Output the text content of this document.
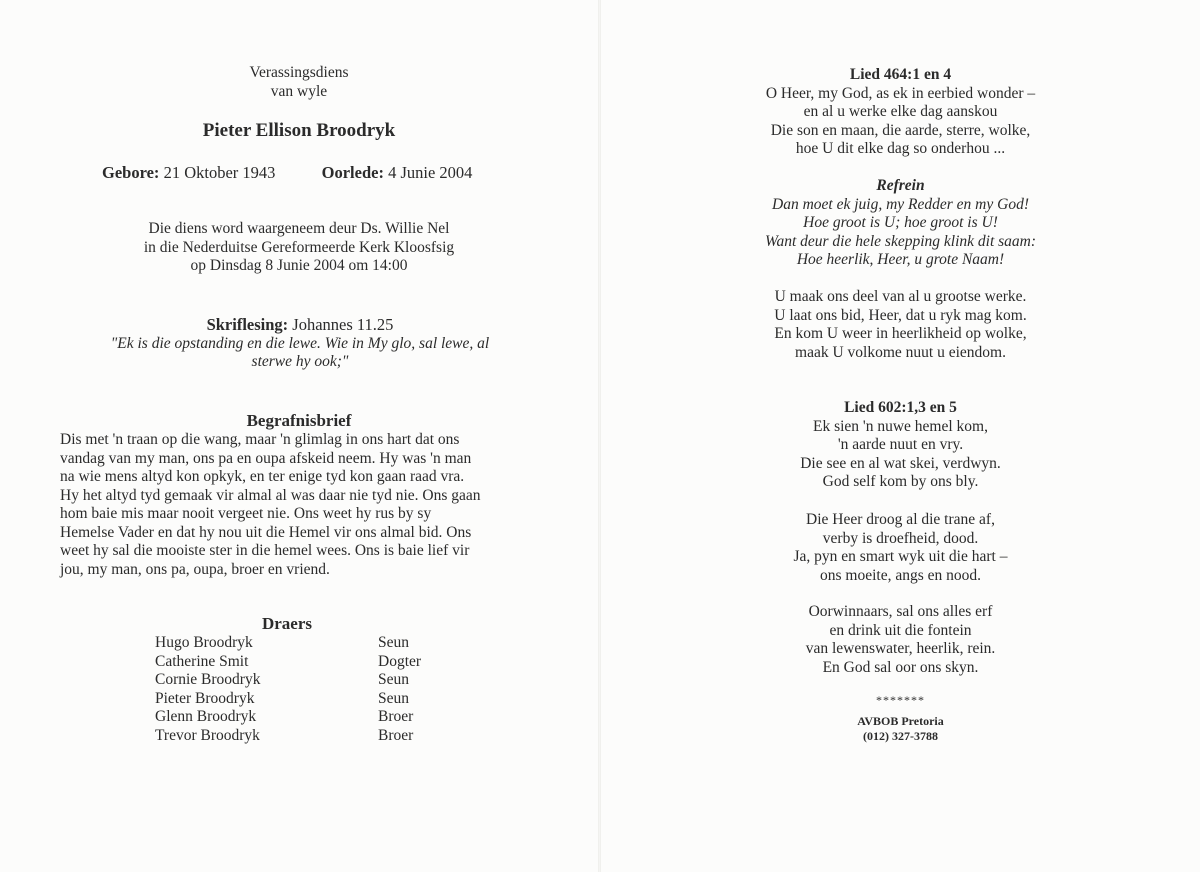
Verassingsdiens
van wyle
Pieter Ellison Broodryk
Gebore: 21 Oktober 1943	Oorlede: 4 Junie 2004
Die diens word waargeneem deur Ds. Willie Nel
in die Nederduitse Gereformeerde Kerk Kloosfsig
op Dinsdag 8 Junie 2004 om 14:00
Skriflesing: Johannes 11.25
"Ek is die opstanding en die lewe. Wie in My glo, sal lewe, al
sterwe hy ook;"
Begrafnisbrief
Dis met 'n traan op die wang, maar 'n glimlag in ons hart dat ons
vandag van my man, ons pa en oupa afskeid neem. Hy was 'n man
na wie mens altyd kon opkyk, en ter enige tyd kon gaan raad vra.
Hy het altyd tyd gemaak vir almal al was daar nie tyd nie. Ons gaan
hom baie mis maar nooit vergeet nie. Ons weet hy rus by sy
Hemelse Vader en dat hy nou uit die Hemel vir ons almal bid. Ons
weet hy sal die mooiste ster in die hemel wees. Ons is baie lief vir
jou, my man, ons pa, oupa, broer en vriend.
Draers
Hugo Broodryk	Seun
Catherine Smit	Dogter
Cornie Broodryk	Seun
Pieter Broodryk	Seun
Glenn Broodryk	Broer
Trevor Broodryk	Broer
Lied 464:1 en 4
O Heer, my God, as ek in eerbied wonder –
en al u werke elke dag aanskou
Die son en maan, die aarde, sterre, wolke,
hoe U dit elke dag so onderhou ...
Refrein
Dan moet ek juig, my Redder en my God!
Hoe groot is U; hoe groot is U!
Want deur die hele skepping klink dit saam:
Hoe heerlik, Heer, u grote Naam!
U maak ons deel van al u grootse werke.
U laat ons bid, Heer, dat u ryk mag kom.
En kom U weer in heerlikheid op wolke,
maak U volkome nuut u eiendom.
Lied 602:1,3 en 5
Ek sien 'n nuwe hemel kom,
'n aarde nuut en vry.
Die see en al wat skei, verdwyn.
God self kom by ons bly.
Die Heer droog al die trane af,
verby is droefheid, dood.
Ja, pyn en smart wyk uit die hart –
ons moeite, angs en nood.
Oorwinnaars, sal ons alles erf
en drink uit die fontein
van lewenswater, heerlik, rein.
En God sal oor ons skyn.
*******
AVBOB Pretoria
(012) 327-3788
